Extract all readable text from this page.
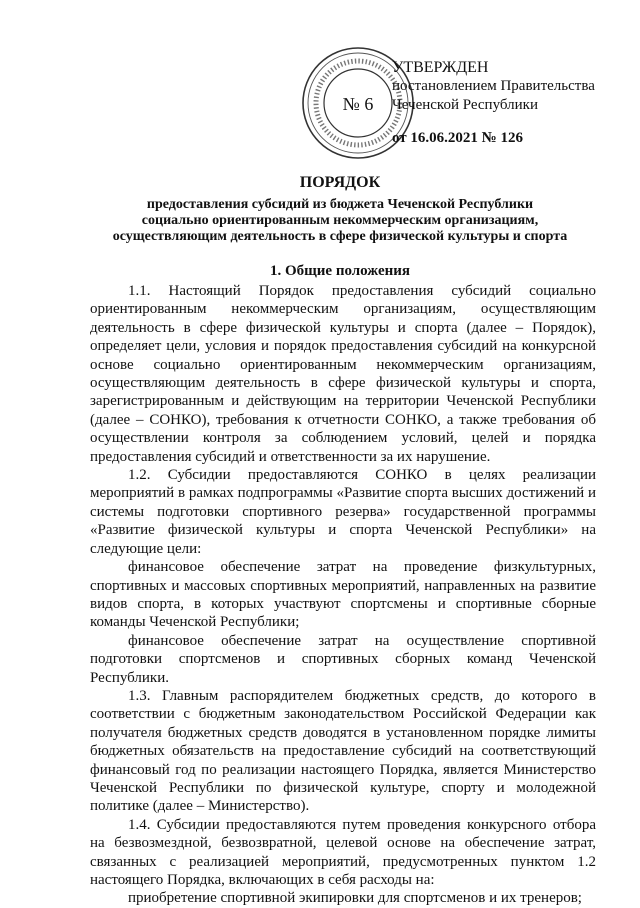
№ 6
УТВЕРЖДЕН
постановлением Правительства
Чеченской Республики
от 16.06.2021 № 126
ПОРЯДОК
предоставления субсидий из бюджета Чеченской Республики
социально ориентированным некоммерческим организациям,
осуществляющим деятельность в сфере физической культуры и спорта
1. Общие положения

1.1. Настоящий Порядок предоставления субсидий социально ориентированным некоммерческим организациям, осуществляющим деятельность в сфере физической культуры и спорта (далее – Порядок), определяет цели, условия и порядок предоставления субсидий на конкурсной основе социально ориентированным некоммерческим организациям, осуществляющим деятельность в сфере физической культуры и спорта, зарегистрированным и действующим на территории Чеченской Республики (далее – СОНКО), требования к отчетности СОНКО, а также требования об осуществлении контроля за соблюдением условий, целей и порядка предоставления субсидий и ответственности за их нарушение.

1.2. Субсидии предоставляются СОНКО в целях реализации мероприятий в рамках подпрограммы «Развитие спорта высших достижений и системы подготовки спортивного резерва» государственной программы «Развитие физической культуры и спорта Чеченской Республики» на следующие цели:

финансовое обеспечение затрат на проведение физкультурных, спортивных и массовых спортивных мероприятий, направленных на развитие видов спорта, в которых участвуют спортсмены и спортивные сборные команды Чеченской Республики;

финансовое обеспечение затрат на осуществление спортивной подготовки спортсменов и спортивных сборных команд Чеченской Республики.

1.3. Главным распорядителем бюджетных средств, до которого в соответствии с бюджетным законодательством Российской Федерации как получателя бюджетных средств доводятся в установленном порядке лимиты бюджетных обязательств на предоставление субсидий на соответствующий финансовый год по реализации настоящего Порядка, является Министерство Чеченской Республики по физической культуре, спорту и молодежной политике (далее – Министерство).

1.4. Субсидии предоставляются путем проведения конкурсного отбора на безвозмездной, безвозвратной, целевой основе на обеспечение затрат, связанных с реализацией мероприятий, предусмотренных пунктом 1.2 настоящего Порядка, включающих в себя расходы на:

приобретение спортивной экипировки для спортсменов и их тренеров;
